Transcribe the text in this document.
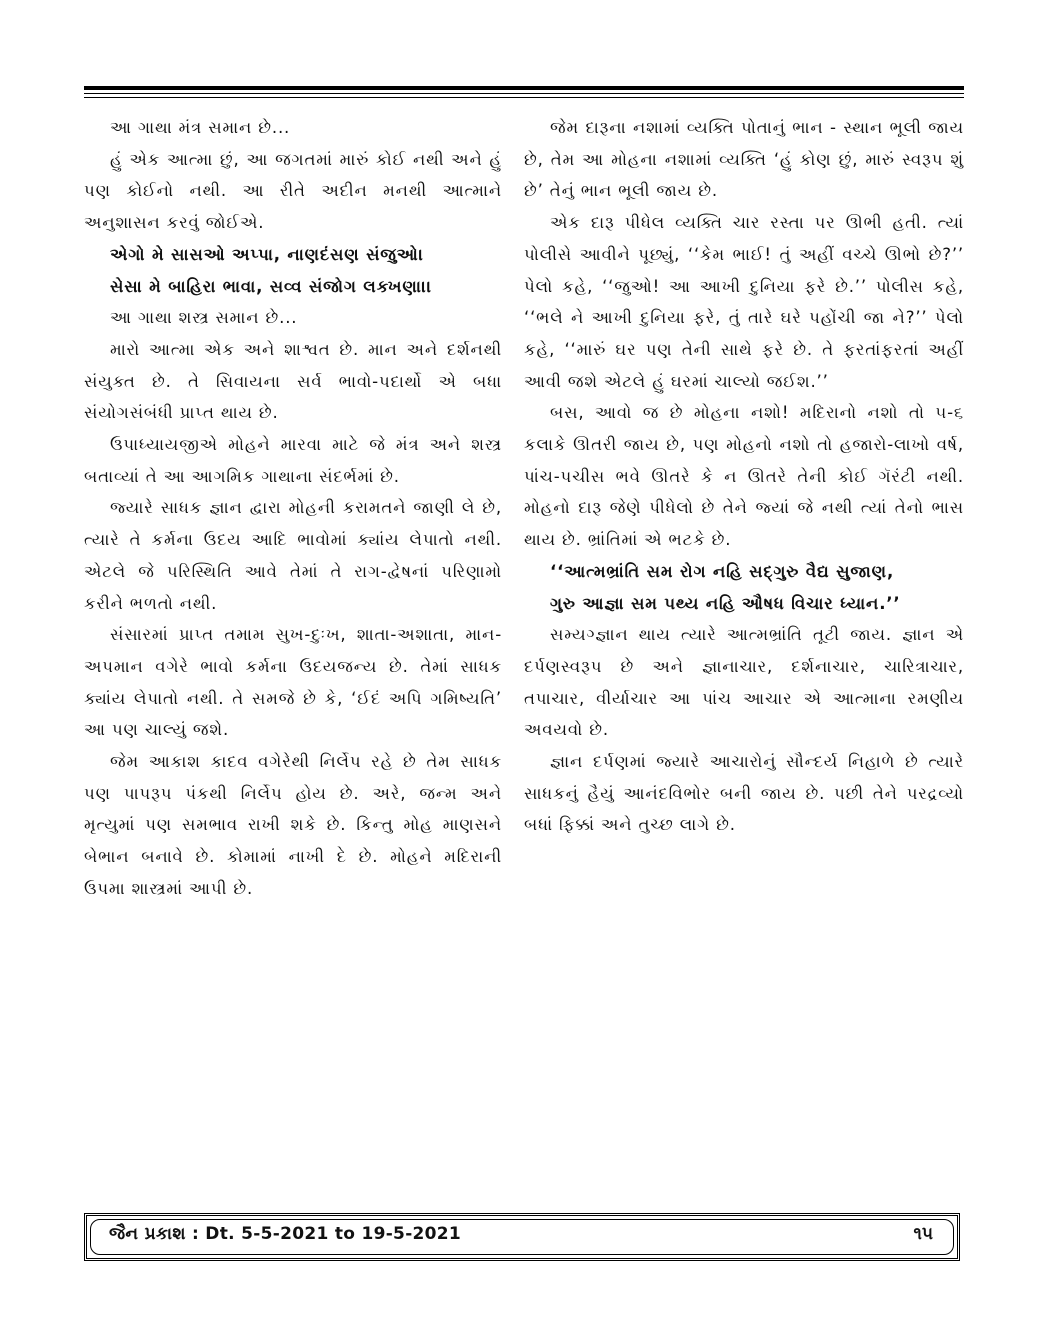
આ ગાથા મંત્ર સમાન છે...

હું એક આત્મા છું, આ જગતમાં મારું કોઈ નથી અને હું પણ કોઈનો નથી. આ રીતે અદીન મનથી આત્માને અનુશાસન કરવું જોઈએ.

એગો મે સાસઓ અપ્પા, નાણદંસણ સંજુઓ।

સેસા મે બાહિરા ભાવા, સવ્વ સંજોગ લક્ખણા।।

આ ગાથા શસ્ત્ર સમાન છે...

મારો આત્મા એક અને શાશ્વત છે. માન અને દર્શનથી સંયુક્ત છે. તે સિવાયના સર્વ ભાવો-પદાર્થો એ બધા સંયોગસંબંધી પ્રાપ્ત થાય છે.

ઉપાધ્યાયજીએ મોહને મારવા માટે જે મંત્ર અને શસ્ત્ર બતાવ્યાં તે આ આગમિક ગાથાના સંદર્ભમાં છે.

જ્યારે સાધક જ્ઞાન દ્વારા મોહની કરામતને જાણી લે છે, ત્યારે તે કર્મના ઉદય આદિ ભાવોમાં ક્યાંય લેપાતો નથી. એટલે જે પરિસ્થિતિ આવે તેમાં તે રાગ-દ્વેષનાં પરિણામો કરીને ભળતો નથી.

સંસારમાં પ્રાપ્ત તમામ સુખ-દુઃખ, શાતા-અશાતા, માન-અપમાન વગેરે ભાવો કર્મના ઉદયજન્ય છે. તેમાં સાધક ક્યાંય લેપાતો નથી. તે સમજે છે કે, ‘ઈદં અપિ ગમિષ્યતિ’ આ પણ ચાલ્યું જશે.

જેમ આકાશ કાદવ વગેરેથી નિર્લેપ રહે છે તેમ સાધક પણ પાપરૂપ પંકથી નિર્લેપ હોય છે. અરે, જન્મ અને મૃત્યુમાં પણ સમભાવ રાખી શકે છે. કિન્તુ મોહ માણસને બેભાન બનાવે છે. કોમામાં નાખી દે છે. મોહને મદિરાની ઉપમા શાસ્ત્રમાં આપી છે.

જેમ દારૂના નશામાં વ્યક્તિ પોતાનું ભાન - સ્થાન ભૂલી જાય છે, તેમ આ મોહના નશામાં વ્યક્તિ ‘હું કોણ છું, મારું સ્વરૂપ શું છે’ તેનું ભાન ભૂલી જાય છે.

એક દારૂ પીધેલ વ્યક્તિ ચાર રસ્તા પર ઊભી હતી. ત્યાં પોલીસે આવીને પૂછ્યું, ‘‘કેમ ભાઈ! તું અહીં વચ્ચે ઊભો છે?’’ પેલો કહે, ‘‘જુઓ! આ આખી દુનિયા ફરે છે.’’ પોલીસ કહે, ‘‘ભલે ને આખી દુનિયા ફરે, તું તારે ઘરે પહોંચી જા ને?’’ પેલો કહે, ‘‘મારું ઘર પણ તેની સાથે ફરે છે. તે ફરતાંફરતાં અહીં આવી જશે એટલે હું ઘરમાં ચાલ્યો જઈશ.’’

બસ, આવો જ છે મોહના નશો! મદિરાનો નશો તો ૫-૬ કલાકે ઊતરી જાય છે, પણ મોહનો નશો તો હજારો-લાખો વર્ષ, પાંચ-પચીસ ભવે ઊતરે કે ન ઊતરે તેની કોઈ ગૅરંટી નથી. મોહનો દારૂ જેણે પીધેલો છે તેને જ્યાં જે નથી ત્યાં તેનો ભાસ થાય છે. ભ્રાંતિમાં એ ભટકે છે.

‘‘આત્મભ્રાંતિ સમ રોગ નહિ સદ્ગુરુ વૈદ્ય સુજાણ,

ગુરુ આજ્ઞા સમ પથ્ય નહિ ઔષધ વિચાર ધ્યાન.’’

સમ્યગ્જ્ઞાન થાય ત્યારે આત્મભ્રાંતિ તૂટી જાય. જ્ઞાન એ દર્પણસ્વરૂપ છે અને જ્ઞાનાચાર, દર્શનાચાર, ચારિત્રાચાર, તપાચાર, વીર્યાચાર આ પાંચ આચાર એ આત્માના રમણીય અવયવો છે.

જ્ઞાન દર્પણમાં જ્યારે આચારોનું સૌન્દર્ય નિહાળે છે ત્યારે સાધકનું હૈયું આનંદવિભોર બની જાય છે. પછી તેને પરદ્રવ્યો બધાં ફિક્કાં અને તુચ્છ લાગે છે.

જૈન પ્રકાશ : Dt. 5-5-2021 to 19-5-2021	૧૫
